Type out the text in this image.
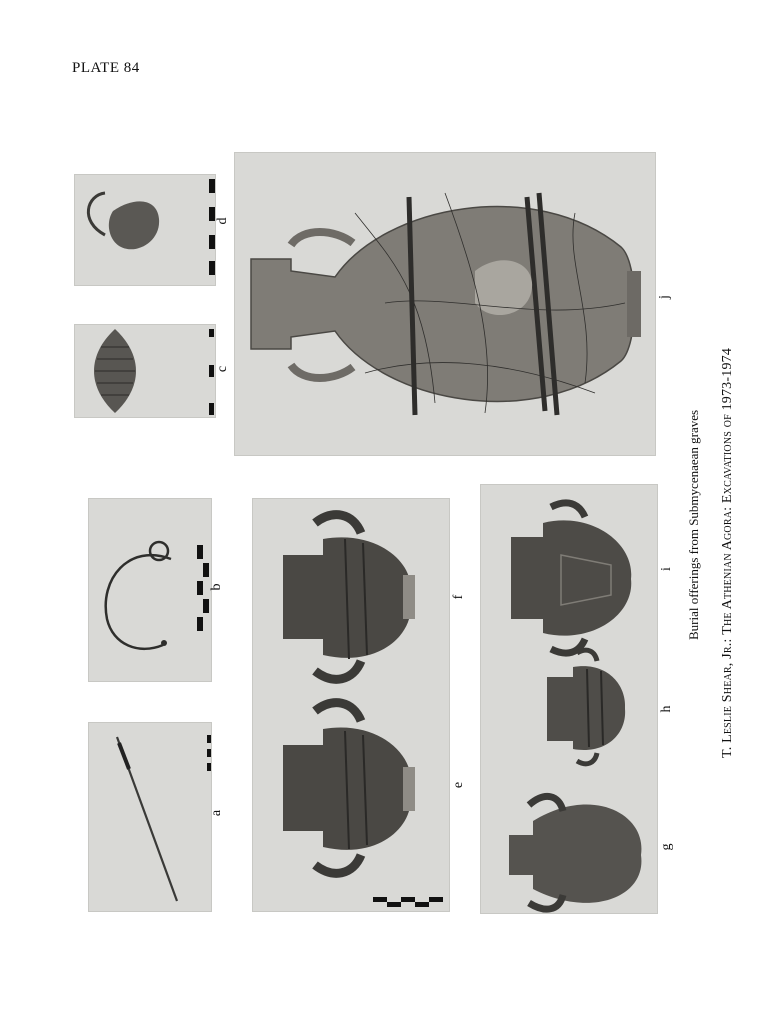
PLATE 84
a
b
c
d
j
f
e
i
h
g
Burial offerings from Submycenaean graves
T. Leslie Shear, Jr.: The Athenian Agora: Excavations of 1973-1974
